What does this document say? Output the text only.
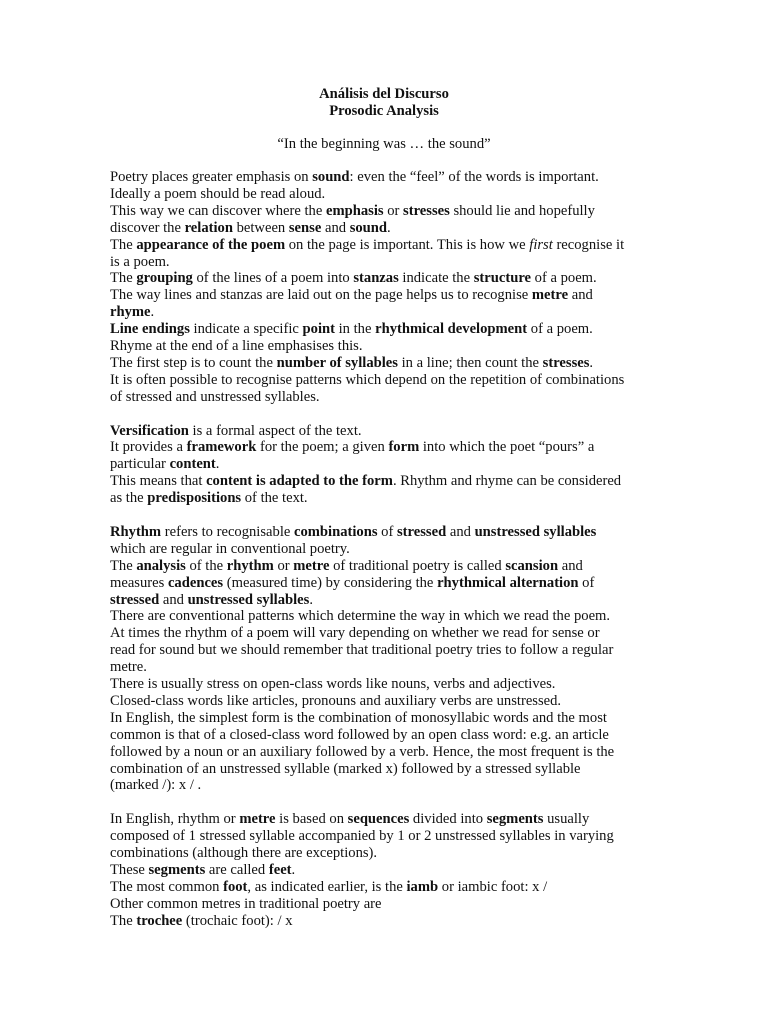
Análisis del Discurso
Prosodic Analysis
“In the beginning was … the sound”
Poetry places greater emphasis on sound: even the “feel” of the words is important.
Ideally a poem should be read aloud.
This way we can discover where the emphasis or stresses should lie and hopefully
discover the relation between sense and sound.
The appearance of the poem on the page is important. This is how we first recognise it
is a poem.
The grouping of the lines of a poem into stanzas indicate the structure of a poem.
The way lines and stanzas are laid out on the page helps us to recognise metre and
rhyme.
Line endings indicate a specific point in the rhythmical development of a poem.
Rhyme at the end of a line emphasises this.
The first step is to count the number of syllables in a line; then count the stresses.
It is often possible to recognise patterns which depend on the repetition of combinations
of stressed and unstressed syllables.
Versification is a formal aspect of the text.
It provides a framework for the poem; a given form into which the poet “pours” a
particular content.
This means that content is adapted to the form. Rhythm and rhyme can be considered
as the predispositions of the text.
Rhythm refers to recognisable combinations of stressed and unstressed syllables
which are regular in conventional poetry.
The analysis of the rhythm or metre of traditional poetry is called scansion and
measures cadences (measured time) by considering the rhythmical alternation of
stressed and unstressed syllables.
There are conventional patterns which determine the way in which we read the poem.
At times the rhythm of a poem will vary depending on whether we read for sense or
read for sound but we should remember that traditional poetry tries to follow a regular
metre.
There is usually stress on open-class words like nouns, verbs and adjectives.
Closed-class words like articles, pronouns and auxiliary verbs are unstressed.
In English, the simplest form is the combination of monosyllabic words and the most
common is that of a closed-class word followed by an open class word: e.g. an article
followed by a noun or an auxiliary followed by a verb. Hence, the most frequent is the
combination of an unstressed syllable (marked x) followed by a stressed syllable
(marked /): x / .
In English, rhythm or metre is based on sequences divided into segments usually
composed of 1 stressed syllable accompanied by 1 or 2 unstressed syllables in varying
combinations (although there are exceptions).
These segments are called feet.
The most common foot, as indicated earlier, is the iamb or iambic foot: x /
Other common metres in traditional poetry are
The trochee (trochaic foot): / x
